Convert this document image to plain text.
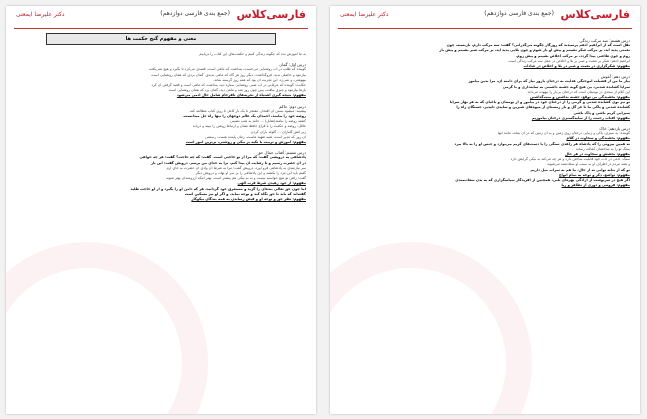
فارسی‌کلاس
(جمع بندی فارسی دوازدهم)
دکتر علیرضا ایمعتی
معنی و مفهوم گنج حکمت ها
به ما آموزش بده که چگونه زندگی کنیم و حکمت‌های این کتاب را دریابیم
درس اول: گمان
گوینده که طلب در آب روشنایی می‌جست، پنداشت که ماهی است، قصدی می‌کرد تا بگیرد و هیچ نمی‌یافت
بیازمود و حاصلی ندید. فروگذاشت. دیگر روز هر گاه که ماهی بدیدی، گمان بردی که همان روشنایی است
بیهوشی، و نمی‌زد. این تجربت آن بود که همه روز گرسنه بماند.
حکایت: گوینده که مرغابی در آب شبی روشنایی ستاره دید، پنداشت که ماهی است و قصد گرفتن آن کرد
بارها بیازمود و چیزی نیافت، پس چون روز شد و ماهی دید، گمان برد که همان روشنایی است
مفهوم: نتیجه گیری اشتباه از تجربه‌های نافرجام شامل حال آدمی می‌شود
درس دوم: حاکم
پیشینه: میشود بستن آن افتخار، مفتخر تا یک بار کامل تا روی کتاب مطالعه کند.
روضه خود را بنامند، احمدان یک عالم دوجهان را تنها راه حل میدانست.
کشته روضه را بنامند(تقابل) ... جانم به شب نشینی
عاقل: روضه و حکمت را با فراغ حافظ نشان و ارتباط روشن را ببیند و دریابد
زیر آتش گلباران ... گلوله باران کردن
آن روز که مدیر است، شبه شهید ماست، زمان پاینده هست، رستمی
مفهوم: آموزش و تربیت با تکیه بر نیکی و روشنی، برترین امور است
درس ششم: آفتاب جمال حق
پادشاهی به درویشی گفت: که مرا از تو حاجتی است. گفت: که چه حاجت؟ گفت: هر چه خواهی
در آن حضرت رسیم و تا رضایت آن پیدا کنم، ترا به خدای من برسم. درویش گفت: این بار
سر نیازمندی به پادشاهی فرو آورد، درویش گفت: مرا به شرط آن وادی آن حضرت به جای آرم
گفتم باید این مرد را بکشند و این پادشاهی را بر سر او نهاد، و درویش دیگر
گفت: رفتن تو هیچ خواسته نیست و نه به نیکی هم بیشتر است، بهتر اینکه آرزومندان بهتر شوند
مفهوم: از خود رهیدن شرط قرب الهی
اما چون حق تعالی بنده‌ای را گزید و مستغرق خود گردانید، هر که دامن او را بگیرد و از او حاجت طلبد
گفته‌اند که باید تا حق نگاه کند و توجه نماید، و اگر او نیز مسکین است
مفهوم: نظر حق و توجه او و فیض رساندن به همه بندگان نیکوکار
فارسی‌کلاس
(جمع بندی فارسی دوازدهم)
دکتر علیرضا ایمعتی
درس هشتم: سه مرکب زندگی
نقل است که از ابراهیم ادهم پرسیدند که روزگار چگونه می‌گذرانی؟ گفت: سه مرکب دارم، بازبسته، چون
نعمتی پدید آید، بر مرکب شکر نشینم و پیش او باز شوم و چون بلایی پدید آید، بر مرکب صبر نشینم و پیش باز
روم و چون طاعتی پیدا گردد، بر مرکب اخلاص نشینم و پیش روم.
ابراهیم ادهم: شکر بر نعمت و صبر بر بلا و اخلاص در عمل سه مرکب زندگی است
مفهوم: شکرگزاری در نعمت و صبر در بلا و اخلاص در عبادات
درس دهم: آغوش
نیاز ما من از فضیلت آموختگی هدایت به درختان باروز نیاز که برای دامنه آن، مرا بدین بیاموز
سرایا کشانده شدنی، بی هیچ گونه جشنه داشتنی به سایه‌داری و با گرمی
این کلام از سعدی در بوستان است که درختان بی‌بار را بیهوده می‌داند
مفهوم: بخشندگی بی توقع، جشنه نداشتن و منت‌گذاشتن
تو نیز بوی کشانده شدنی و گرمی را از درختان خود در بیاموز و از بوستان و باغبان که به هر بهار سرایا
کشانده شدنی و پاکی ما تا عر گل و بار زمستان از میوه‌های شیرین و سایه‌ی دلپذیر، خستگان راه را
سیرابی کریم باشی و پاک باشی
مفهوم: آفتاب رحمت را از سایه‌گستری درختان بیاموزیم
درس یازدهم: خاک
گوینده: به سبزی، پاکی و زیبایی درختان روی زمین و به آن زمین که در آن بماند، مانند آنها
مفهوم: بخشندگی و سخاوت در کلام
نه همین بیرونی را که پادشاه هر زاهدی سنگی را با دست‌های کریم می‌نوازد و جنس او را به بالا ببرد
سنگ تو را به ساختمان کمالت رساند
مفهوم: بخشش و سخاوت در هر حال
سنگ: آدمی در ذات خود قابلیت ساختن دارد و هر چه می‌کند به نیکی گرایش دارد
و همه مردم در اطراف او به سبب او سعادتمند می‌شوند
تو که از بتانه توانی نه از حال، ما هم به سراب میل داریم
مفهوم: تواضع، ذکر و توجه به تمام انواع
اگر هیچ در سرنوشت از آزادگی بهره‌ای یابی، همچنین از آفریدگار سپاسگزاری که به بدن سعادتمندی
مفهوم: فروتنی و دوری از تظاهر و ریا
